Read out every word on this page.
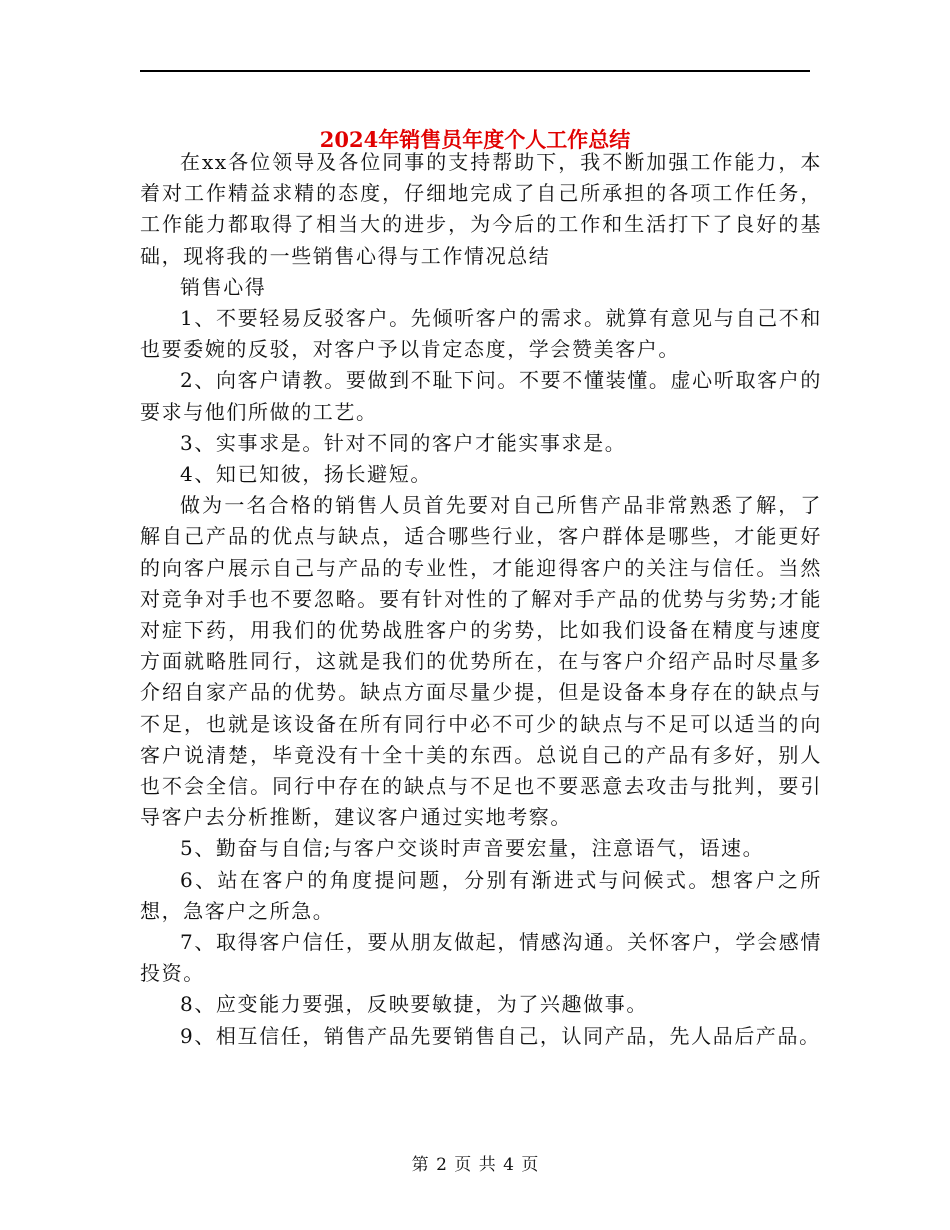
2024年销售员年度个人工作总结

在xx各位领导及各位同事的支持帮助下，我不断加强工作能力，本着对工作精益求精的态度，仔细地完成了自己所承担的各项工作任务，工作能力都取得了相当大的进步，为今后的工作和生活打下了良好的基础，现将我的一些销售心得与工作情况总结

销售心得

1、不要轻易反驳客户。先倾听客户的需求。就算有意见与自己不和也要委婉的反驳，对客户予以肯定态度，学会赞美客户。

2、向客户请教。要做到不耻下问。不要不懂装懂。虚心听取客户的要求与他们所做的工艺。

3、实事求是。针对不同的客户才能实事求是。

4、知已知彼，扬长避短。

做为一名合格的销售人员首先要对自己所售产品非常熟悉了解，了解自己产品的优点与缺点，适合哪些行业，客户群体是哪些，才能更好的向客户展示自己与产品的专业性，才能迎得客户的关注与信任。当然对竞争对手也不要忽略。要有针对性的了解对手产品的优势与劣势;才能对症下药，用我们的优势战胜客户的劣势，比如我们设备在精度与速度方面就略胜同行，这就是我们的优势所在，在与客户介绍产品时尽量多介绍自家产品的优势。缺点方面尽量少提，但是设备本身存在的缺点与不足，也就是该设备在所有同行中必不可少的缺点与不足可以适当的向客户说清楚，毕竟没有十全十美的东西。总说自己的产品有多好，别人也不会全信。同行中存在的缺点与不足也不要恶意去攻击与批判，要引导客户去分析推断，建议客户通过实地考察。

5、勤奋与自信;与客户交谈时声音要宏量，注意语气，语速。

6、站在客户的角度提问题，分别有渐进式与问候式。想客户之所想，急客户之所急。

7、取得客户信任，要从朋友做起，情感沟通。关怀客户，学会感情投资。

8、应变能力要强，反映要敏捷，为了兴趣做事。

9、相互信任，销售产品先要销售自己，认同产品，先人品后产品。

第 2 页 共 4 页
